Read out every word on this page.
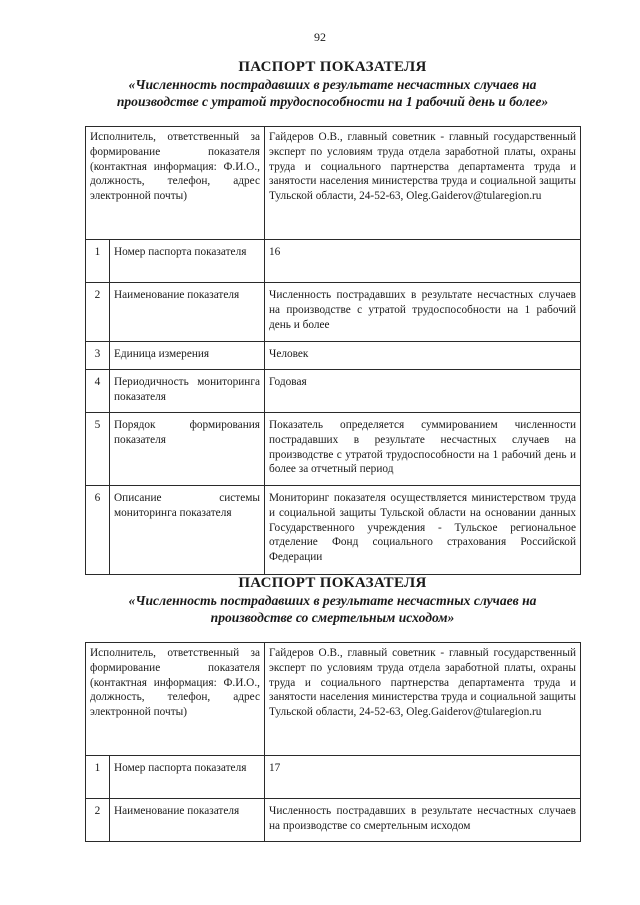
92
ПАСПОРТ ПОКАЗАТЕЛЯ
«Численность пострадавших в результате несчастных случаев на
производстве с утратой трудоспособности на 1 рабочий день и более»
Исполнитель, ответственный за формирование показателя (контактная информация: Ф.И.О., должность, телефон, адрес электронной почты)		Гайдеров О.В., главный советник - главный государственный эксперт по условиям труда отдела заработной платы, охраны труда и социального партнерства департамента труда и занятости населения министерства труда и социальной защиты Тульской области, 24-52-63, Oleg.Gaiderov@tularegion.ru
1	Номер паспорта показателя	16
2	Наименование показателя	Численность пострадавших в результате несчастных случаев на производстве с утратой трудоспособности на 1 рабочий день и более
3	Единица измерения	Человек
4	Периодичность мониторинга показателя	Годовая
5	Порядок формирования показателя	Показатель определяется суммированием численности пострадавших в результате несчастных случаев на производстве с утратой трудоспособности на 1 рабочий день и более за отчетный период
6	Описание системы мониторинга показателя	Мониторинг показателя осуществляется министерством труда и социальной защиты Тульской области на основании данных Государственного учреждения - Тульское региональное отделение Фонд социального страхования Российской Федерации
ПАСПОРТ ПОКАЗАТЕЛЯ
«Численность пострадавших в результате несчастных случаев на
производстве со смертельным исходом»
Исполнитель, ответственный за формирование показателя (контактная информация: Ф.И.О., должность, телефон, адрес электронной почты)		Гайдеров О.В., главный советник - главный государственный эксперт по условиям труда отдела заработной платы, охраны труда и социального партнерства департамента труда и занятости населения министерства труда и социальной защиты Тульской области, 24-52-63, Oleg.Gaiderov@tularegion.ru
1	Номер паспорта показателя	17
2	Наименование показателя	Численность пострадавших в результате несчастных случаев на производстве со смертельным исходом
